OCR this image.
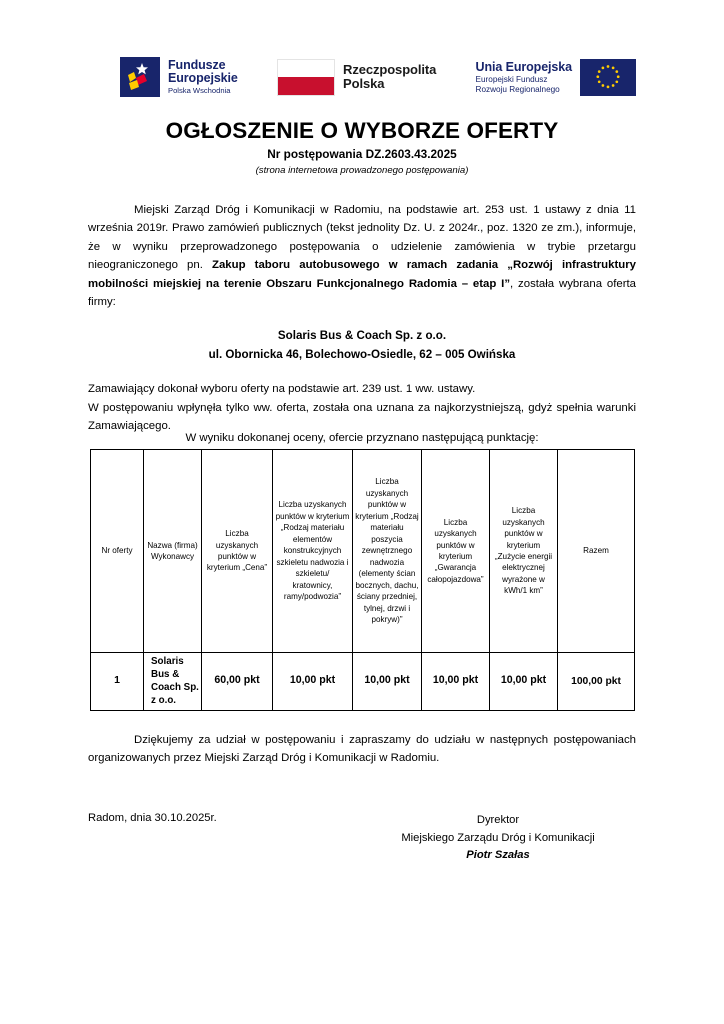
Fundusze
Europejskie
Polska Wschodnia
Rzeczpospolita
Polska
Unia Europejska
Europejski Fundusz
Rozwoju Regionalnego
OGŁOSZENIE O WYBORZE OFERTY
Nr postępowania DZ.2603.43.2025
(strona internetowa prowadzonego postępowania)

Miejski Zarząd Dróg i Komunikacji w Radomiu, na podstawie art. 253 ust. 1 ustawy z dnia 11 września 2019r. Prawo zamówień publicznych (tekst jednolity Dz. U. z 2024r., poz. 1320 ze zm.), informuje, że w wyniku przeprowadzonego postępowania o udzielenie zamówienia w trybie przetargu nieograniczonego pn. Zakup taboru autobusowego w ramach zadania „Rozwój infrastruktury mobilności miejskiej na terenie Obszaru Funkcjonalnego Radomia – etap I”, została wybrana oferta firmy:

Solaris Bus & Coach Sp. z o.o.
ul. Obornicka 46, Bolechowo-Osiedle, 62 – 005 Owińska

Zamawiający dokonał wyboru oferty na podstawie art. 239 ust. 1 ww. ustawy.

W postępowaniu wpłynęła tylko ww. oferta, została ona uznana za najkorzystniejszą, gdyż spełnia warunki Zamawiającego.

W wyniku dokonanej oceny, ofercie przyznano następującą punktację:
Nr oferty	Nazwa (firma) Wykonawcy	Liczba uzyskanych punktów w kryterium „Cena”	Liczba uzyskanych punktów w kryterium „Rodzaj materiału elementów konstrukcyjnych szkieletu nadwozia i szkieletu/ kratownicy, ramy/podwozia”	Liczba uzyskanych punktów w kryterium „Rodzaj materiału poszycia zewnętrznego nadwozia (elementy ścian bocznych, dachu, ściany przedniej, tylnej, drzwi i pokryw)”	Liczba uzyskanych punktów w kryterium „Gwarancja całopojazdowa”	Liczba uzyskanych punktów w kryterium „Zużycie energii elektrycznej wyrażone w kWh/1 km”	Razem
1	Solaris Bus & Coach Sp. z o.o.	60,00 pkt	10,00 pkt	10,00 pkt	10,00 pkt	10,00 pkt	100,00 pkt

Dziękujemy za udział w postępowaniu i zapraszamy do udziału w następnych postępowaniach organizowanych przez Miejski Zarząd Dróg i Komunikacji w Radomiu.

Radom, dnia 30.10.2025r.	Dyrektor
Miejskiego Zarządu Dróg i Komunikacji
Piotr Szałas
